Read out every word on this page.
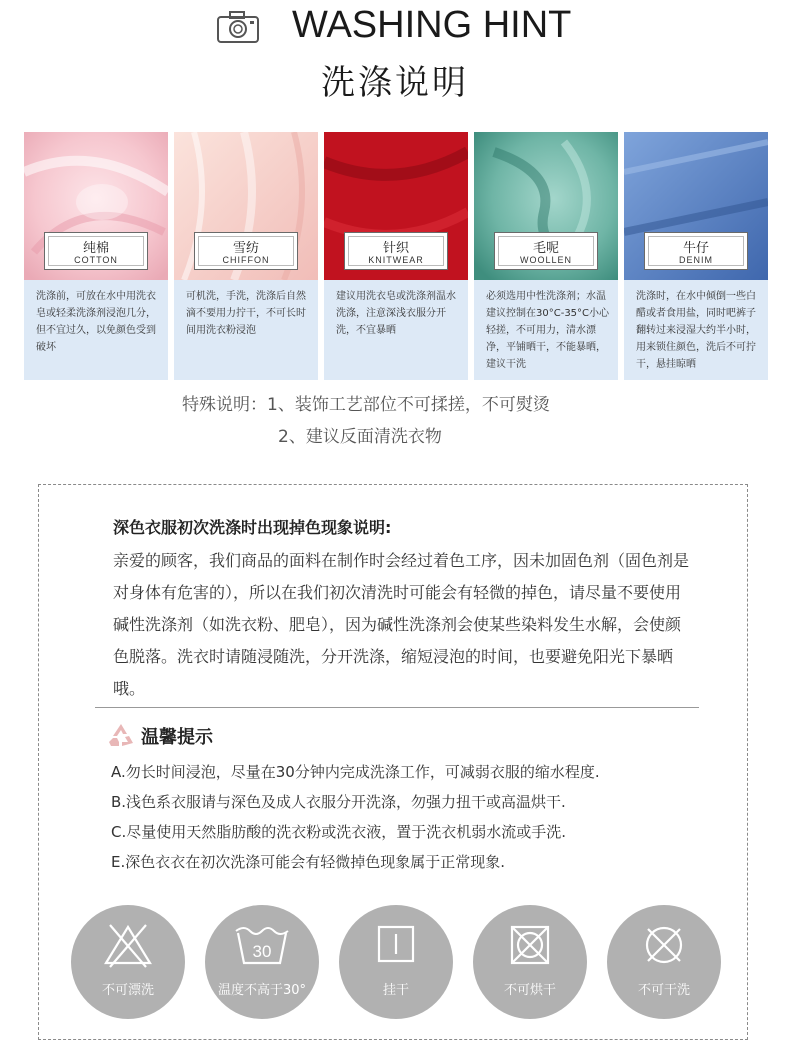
WASHING HINT
洗涤说明
纯棉
COTTON
洗涤前，可放在水中用洗衣皂或轻柔洗涤剂浸泡几分，但不宜过久，以免颜色受到破坏
雪纺
CHIFFON
可机洗，手洗，洗涤后自然滴不要用力拧干，不可长时间用洗衣粉浸泡
针织
KNITWEAR
建议用洗衣皂或洗涤剂温水洗涤，注意深浅衣服分开洗，不宜暴晒
毛呢
WOOLLEN
必须选用中性洗涤剂；水温建议控制在30°C-35°C小心轻搓，不可用力，清水漂净，平铺晒干，不能暴晒，建议干洗
牛仔
DENIM
洗涤时，在水中倾倒一些白醋或者食用盐，同时吧裤子翻转过来浸湿大约半小时，用来锁住颜色，洗后不可拧干，悬挂晾晒
特殊说明：1、装饰工艺部位不可揉搓，不可熨烫
2、建议反面清洗衣物
深色衣服初次洗涤时出现掉色现象说明:
亲爱的顾客，我们商品的面料在制作时会经过着色工序，因未加固色剂（固色剂是对身体有危害的），所以在我们初次清洗时可能会有轻微的掉色，请尽量不要使用碱性洗涤剂（如洗衣粉、肥皂），因为碱性洗涤剂会使某些染料发生水解，会使颜色脱落。洗衣时请随浸随洗，分开洗涤，缩短浸泡的时间，也要避免阳光下暴晒哦。
温馨提示
A.勿长时间浸泡，尽量在30分钟内完成洗涤工作，可减弱衣服的缩水程度.
B.浅色系衣服请与深色及成人衣服分开洗涤，勿强力扭干或高温烘干.
C.尽量使用天然脂肪酸的洗衣粉或洗衣液，置于洗衣机弱水流或手洗.
E.深色衣衣在初次洗涤可能会有轻微掉色现象属于正常现象.
不可漂洗
30
温度不高于30°	挂干	不可烘干	不可干洗
